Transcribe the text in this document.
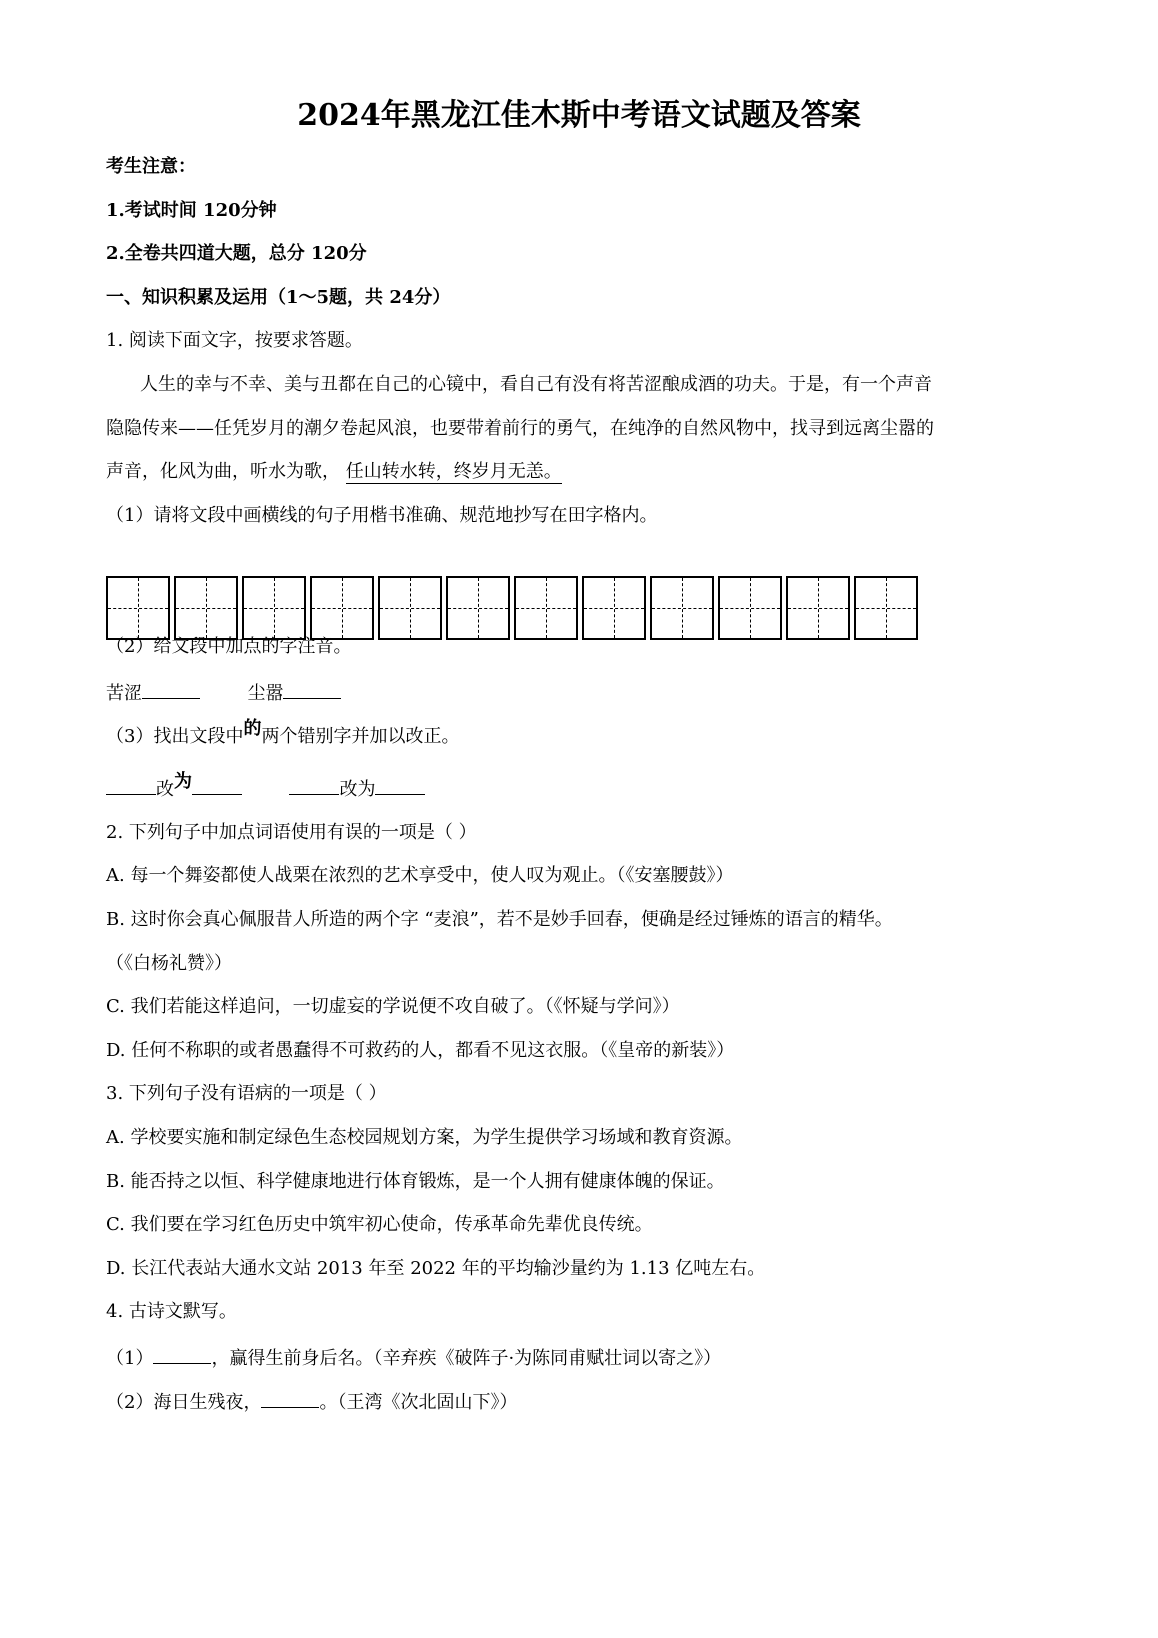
2024年黑龙江佳木斯中考语文试题及答案
考生注意：
1.考试时间 120分钟
2.全卷共四道大题，总分 120分
一、知识积累及运用（1～5题，共 24分）
1. 阅读下面文字，按要求答题。
人生的幸与不幸、美与丑都在自己的心镜中，看自己有没有将苦涩酿成酒的功夫。于是，有一个声音
隐隐传来——任凭岁月的潮夕卷起风浪，也要带着前行的勇气，在纯净的自然风物中，找寻到远离尘嚣的
声音，化风为曲，听水为歌， 任山转水转，终岁月无恙。
（1）请将文段中画横线的句子用楷书准确、规范地抄写在田字格内。
（2）给文段中加点的字注音。
苦涩	尘嚣
（3）找出文段中的两个错别字并加以改正。
改为	改为
2. 下列句子中加点词语使用有误的一项是（ ）
A. 每一个舞姿都使人战栗在浓烈的艺术享受中，使人叹为观止。（《安塞腰鼓》）
B. 这时你会真心佩服昔人所造的两个字 “麦浪”，若不是妙手回春，便确是经过锤炼的语言的精华。
（《白杨礼赞》）
C. 我们若能这样追问，一切虚妄的学说便不攻自破了。（《怀疑与学问》）
D. 任何不称职的或者愚蠢得不可救药的人，都看不见这衣服。（《皇帝的新装》）
3. 下列句子没有语病的一项是（ ）
A. 学校要实施和制定绿色生态校园规划方案，为学生提供学习场域和教育资源。
B. 能否持之以恒、科学健康地进行体育锻炼，是一个人拥有健康体魄的保证。
C. 我们要在学习红色历史中筑牢初心使命，传承革命先辈优良传统。
D. 长江代表站大通水文站 2013 年至 2022 年的平均输沙量约为 1.13 亿吨左右。
4. 古诗文默写。
（1）	，赢得生前身后名。（辛弃疾《破阵子·为陈同甫赋壮词以寄之》）
（2）海日生残夜，	。（王湾《次北固山下》）
